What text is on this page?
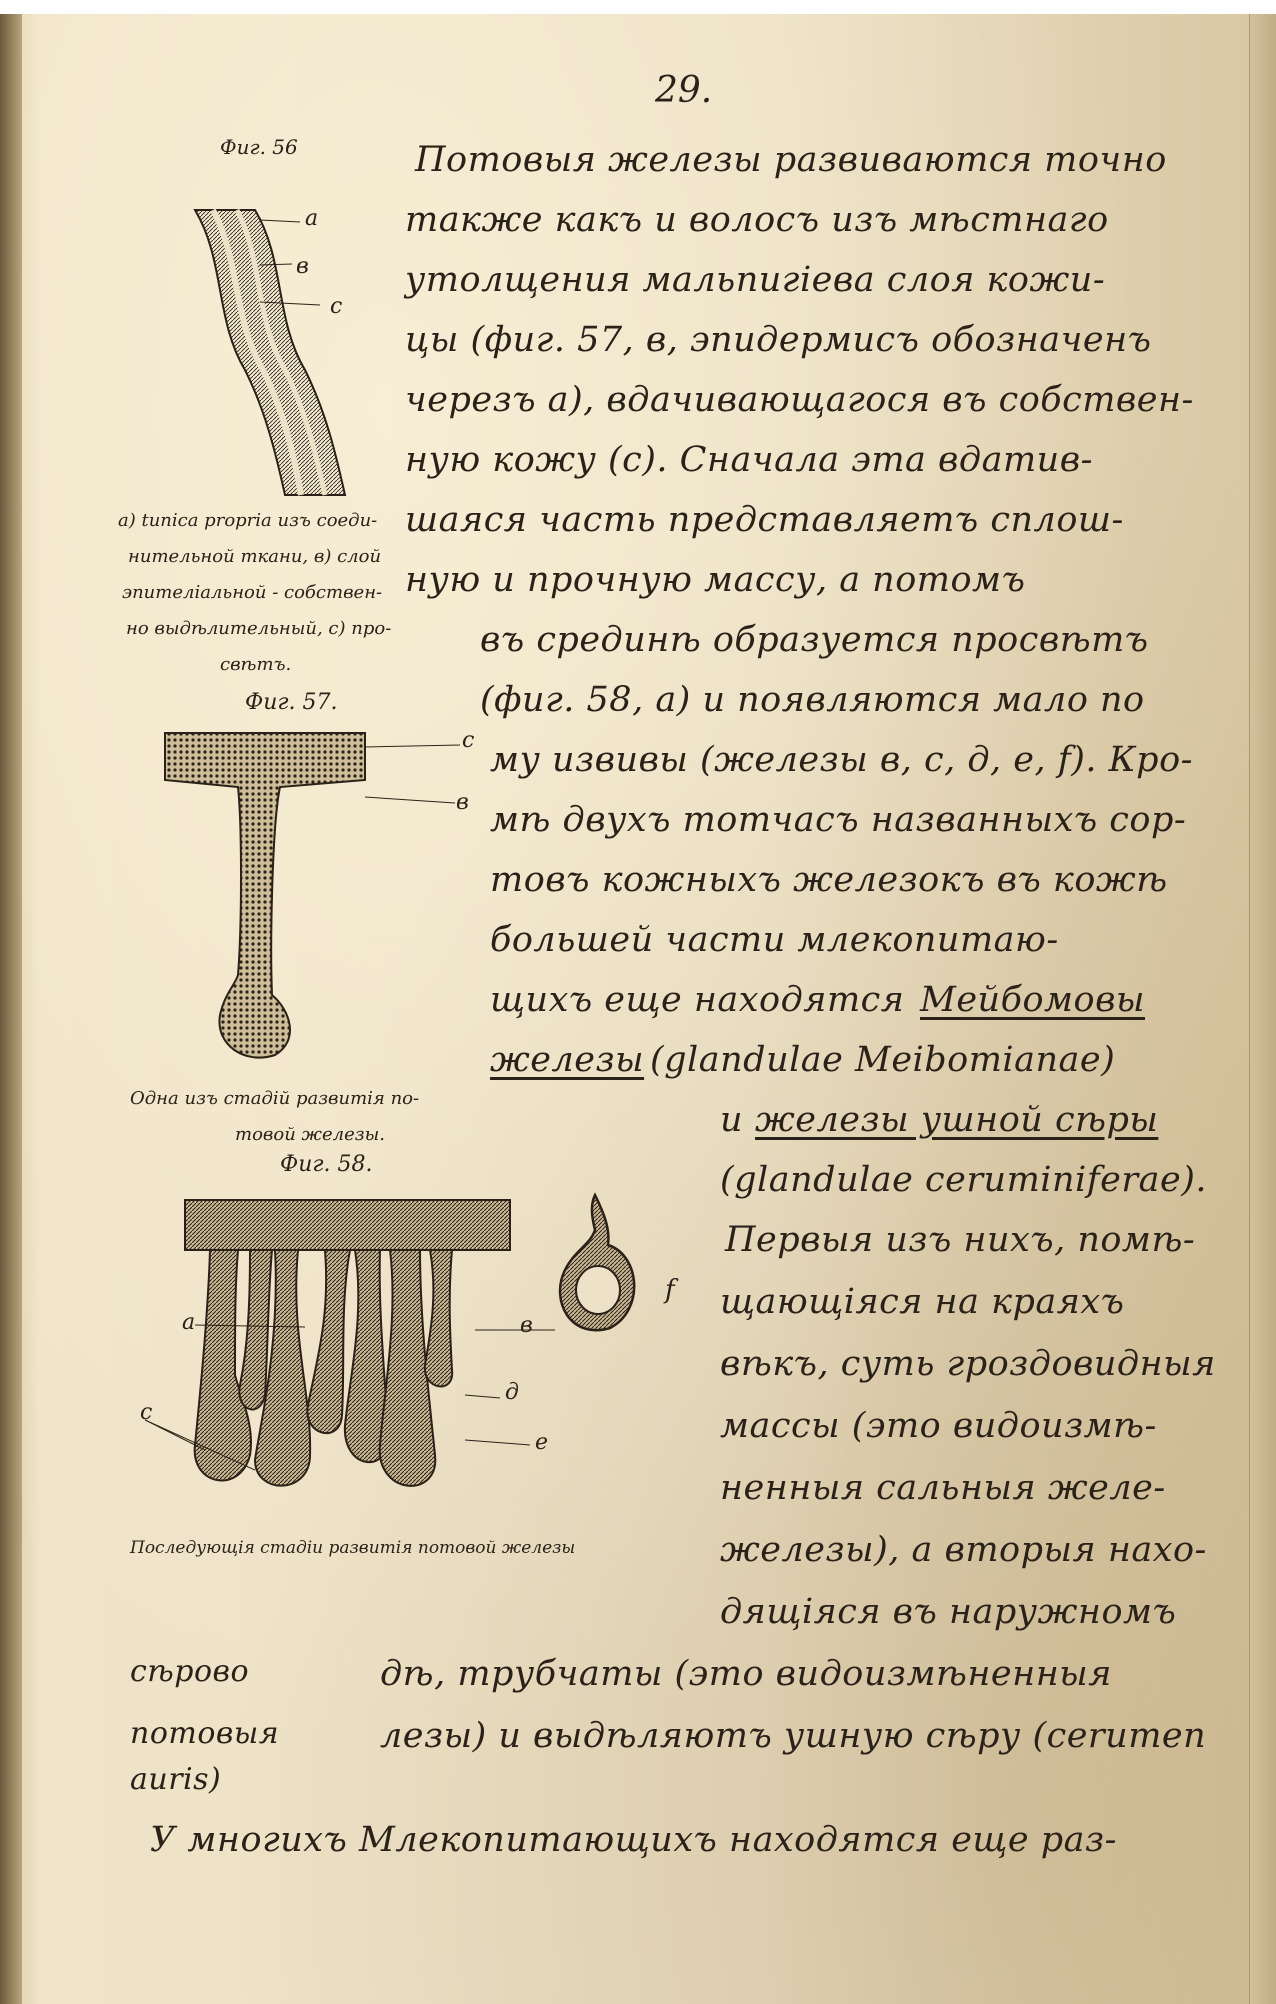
29.
Фиг. 56
а
в
с
а) tunica propria изъ соеди-
нительной ткани, в) слой
эпителіальной - собствен-
но выдѣлительный, с) про-
свѣтъ.
Фиг. 57.
с
в
Одна изъ стадій развитія по-
товой железы.
Фиг. 58.
а	в
д
е
с
f
Последующія стадіи развитія потовой железы
Потовыя железы развиваются точно
также какъ и волосъ изъ мѣстнаго
утолщения мальпигіева слоя кожи-
цы (фиг. 57, в, эпидермисъ обозначенъ
черезъ а), вдачивающагося въ собствен-
ную кожу (с). Сначала эта вдатив-
шаяся часть представляетъ сплош-
ную и прочную массу, а потомъ
въ срединѣ образуется просвѣтъ
(фиг. 58, а) и появляются мало по
му извивы (железы в, с, д, е, f). Кро-
мѣ двухъ тотчасъ названныхъ сор-
товъ кожныхъ железокъ въ кожѣ
большей части млекопитаю-
щихъ еще находятся Мейбомовы
железы (glandulae Meibomianae)
и железы ушной сѣры
(glandulae ceruminiferae).
Первыя изъ нихъ, помѣ-
щающіяся на краяхъ
вѣкъ, суть гроздовидныя
массы (это видоизмѣ-
ненныя сальныя желе-
железы), а вторыя нахо-
дящіяся въ наружномъ
дѣ, трубчаты (это видоизмѣненныя
лезы) и выдѣляютъ ушную сѣру (cerumen
У многихъ Млекопитающихъ находятся еще раз-
сѣрово
потовыя
auris)
